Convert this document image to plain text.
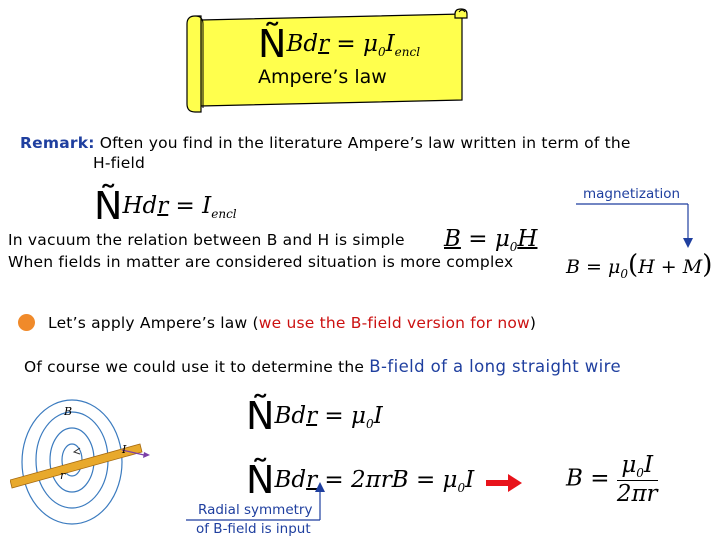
ÑBdr = $\mu_0I_{encl}$
Ampere’s law
Remark: Often you find in the literature Ampere’s law written in term of the
H-field
ÑHdr = $I_{encl}$
magnetization
In vacuum the relation between B and H is simple
When fields in matter are considered situation is more complex
$B = \mu_0H$
$B = \mu_0(H + M)$
Let’s apply Ampere’s law (we use the B-field version for now)
Of course we could use it to determine the B-field of a long straight wire
B
I
r
ÑBdr = $\mu_0I$
ÑBdr = $2\pi rB = \mu_0I$	$B = \frac{\mu_0I}{2\pi r}$
Radial symmetry
of B-field is input
